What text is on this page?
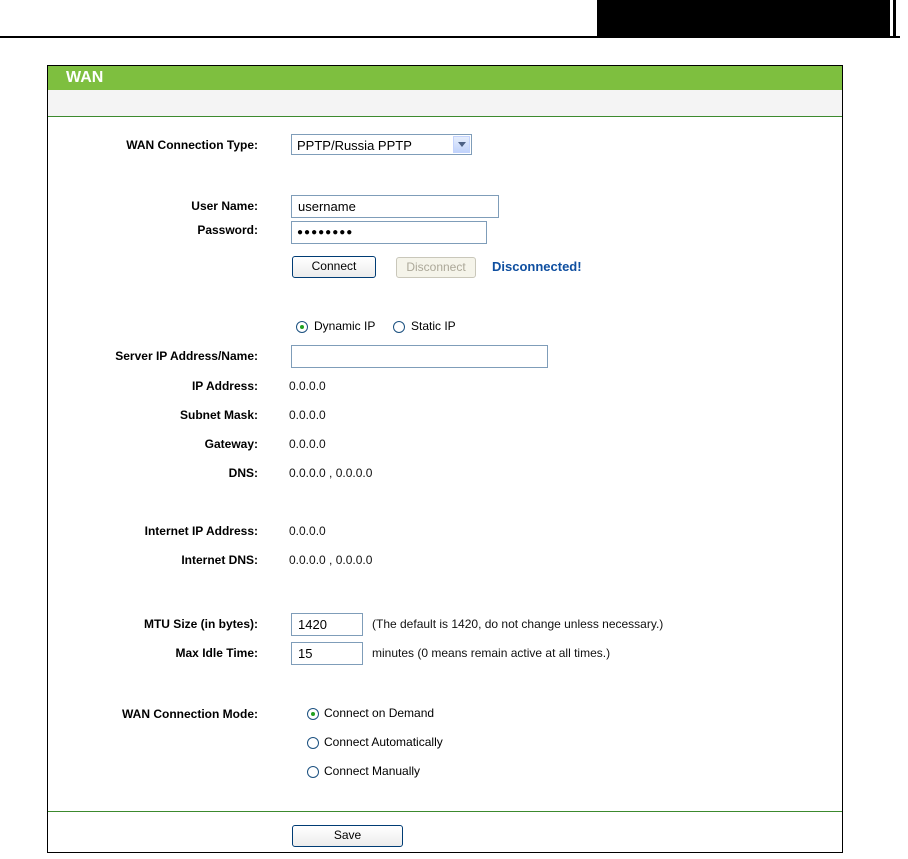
WAN
WAN Connection Type:	PPTP/Russia PPTP
User Name:
username
Password:	●●●●●●●●
Connect	Disconnect	Disconnected!
Dynamic IP	Static IP
Server IP Address/Name:
IP Address:	0.0.0.0
Subnet Mask:	0.0.0.0
Gateway:	0.0.0.0
DNS:	0.0.0.0 , 0.0.0.0
Internet IP Address:	0.0.0.0
Internet DNS:	0.0.0.0 , 0.0.0.0
MTU Size (in bytes):
1420	(The default is 1420, do not change unless necessary.)
Max Idle Time:
15	minutes (0 means remain active at all times.)
WAN Connection Mode:	Connect on Demand
Connect Automatically
Connect Manually
Save
